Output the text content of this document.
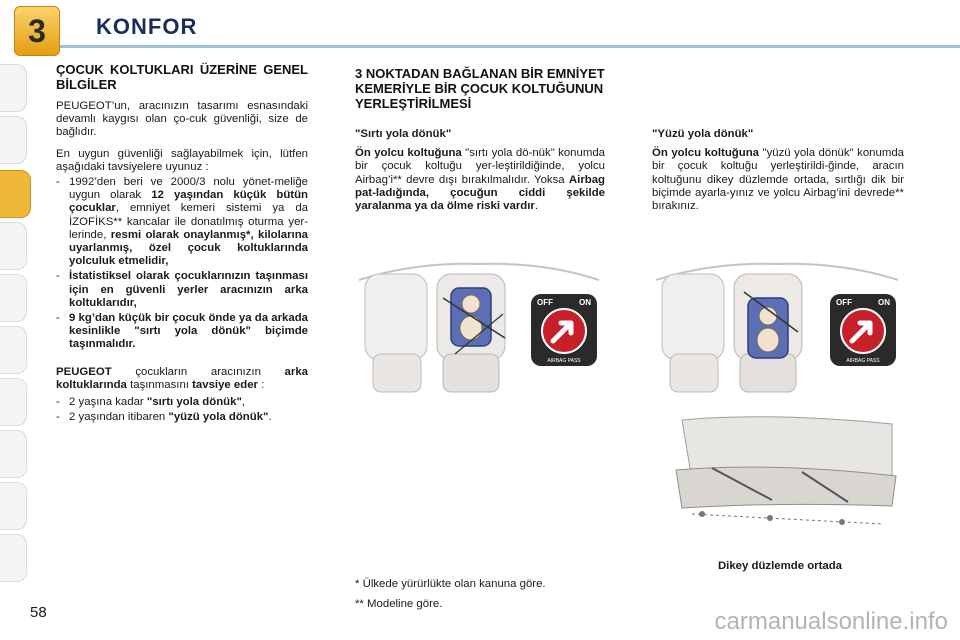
3	KONFOR
ÇOCUK KOLTUKLARI ÜZERİNE GENEL BİLGİLER

PEUGEOT’un, aracınızın tasarımı esnasındaki devamlı kaygısı olan ço-cuk güvenliği, size de bağlıdır.

En uygun güvenliği sağlayabilmek için, lütfen aşağıdaki tavsiyelere uyunuz :

- 1992’den beri ve 2000/3 nolu yönet-meliğe uygun olarak 12 yaşından küçük bütün çocuklar, emniyet kemeri sistemi ya da İZOFİKS** kancalar ile donatılmış oturma yer-lerinde, resmi olarak onaylanmış*, kilolarına uyarlanmış, özel çocuk koltuklarında yolculuk etmelidir,
- İstatistiksel olarak çocuklarınızın taşınması için en güvenli yerler aracınızın arka koltuklarıdır,
- 9 kg’dan küçük bir çocuk önde ya da arkada kesinlikle "sırtı yola dönük" biçimde taşınmalıdır.

PEUGEOT çocukların aracınızın arka koltuklarında taşınmasını tavsiye eder :

- 2 yaşına kadar "sırtı yola dönük",
- 2 yaşından itibaren "yüzü yola dönük".
3 NOKTADAN BAĞLANAN BİR EMNİYET KEMERİYLE BİR ÇOCUK KOLTUĞUNUN YERLEŞTİRİLMESİ

"Sırtı yola dönük"

Ön yolcu koltuğuna "sırtı yola dö-nük" konumda bir çocuk koltuğu yer-leştirildiğinde, yolcu Airbag’i** devre dışı bırakılmalıdır. Yoksa Airbag pat-ladığında, çocuğun ciddi şekilde yaralanma ya da ölme riski vardır.

"Yüzü yola dönük"

Ön yolcu koltuğuna "yüzü yola dönük" konumda bir çocuk koltuğu yerleştirildi-ğinde, aracın koltuğunu dikey düzlemde ortada, sırtlığı dik bir biçimde ayarla-yınız ve yolcu Airbag’ini devrede** bırakınız.

OFF	ON
AIRBAG PASS
OFF	ON
AIRBAG PASS
Dikey düzlemde ortada
* Ülkede yürürlükte olan kanuna göre.
** Modeline göre.
58	carmanualsonline.info
